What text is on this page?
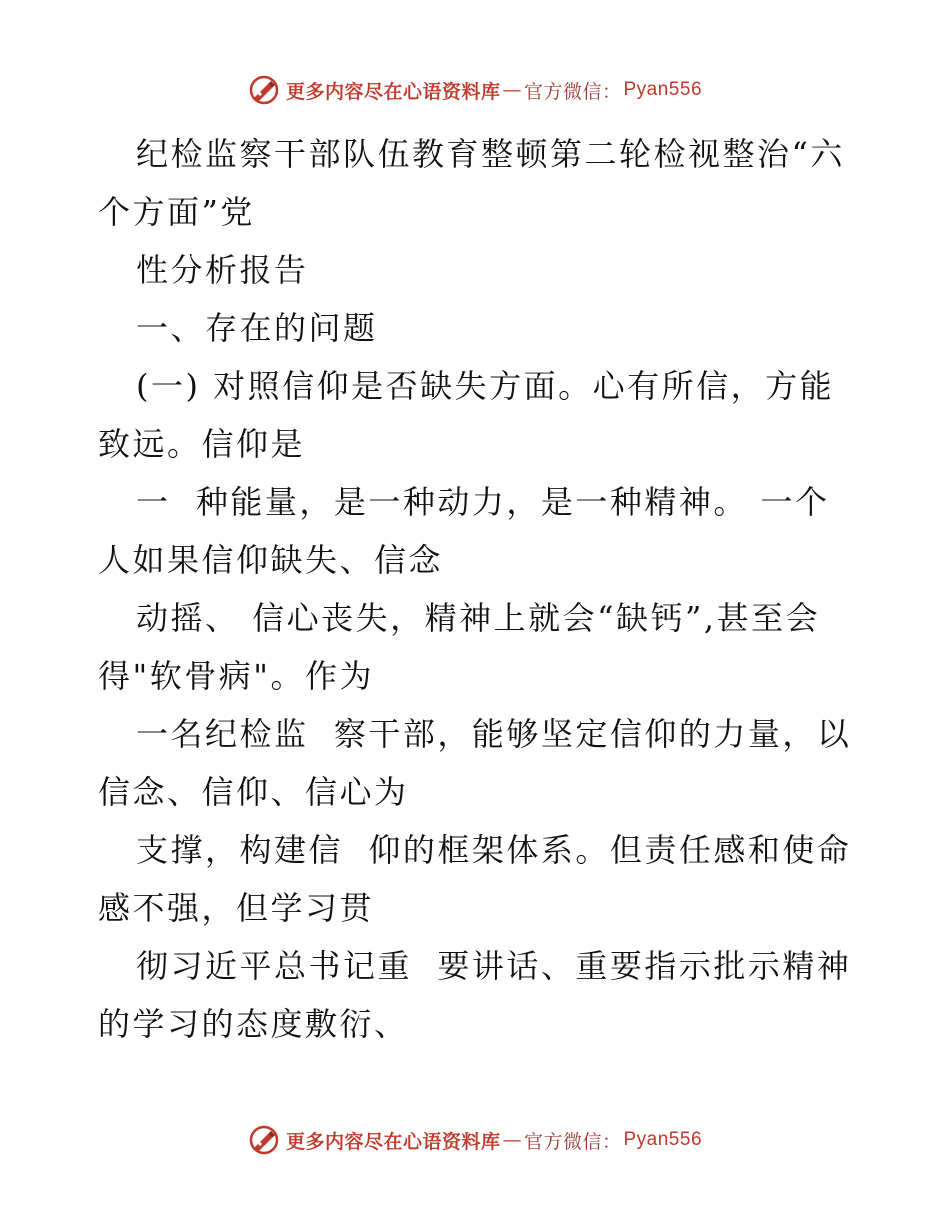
更多内容尽在心语资料库 — 官方微信： Pyan556

纪检监察干部队伍教育整顿第二轮检视整治“六个方面”党

性分析报告

一、存在的问题

(一) 对照信仰是否缺失方面。心有所信，方能致远。信仰是

一  种能量，是一种动力，是一种精神。 一个人如果信仰缺失、信念

动摇、 信心丧失，精神上就会“缺钙”,甚至会得"软骨病"。作为

一名纪检监  察干部，能够坚定信仰的力量，以信念、信仰、信心为

支撑，构建信  仰的框架体系。但责任感和使命感不强，但学习贯

彻习近平总书记重  要讲话、重要指示批示精神的学习的态度敷衍、

更多内容尽在心语资料库 — 官方微信： Pyan556
